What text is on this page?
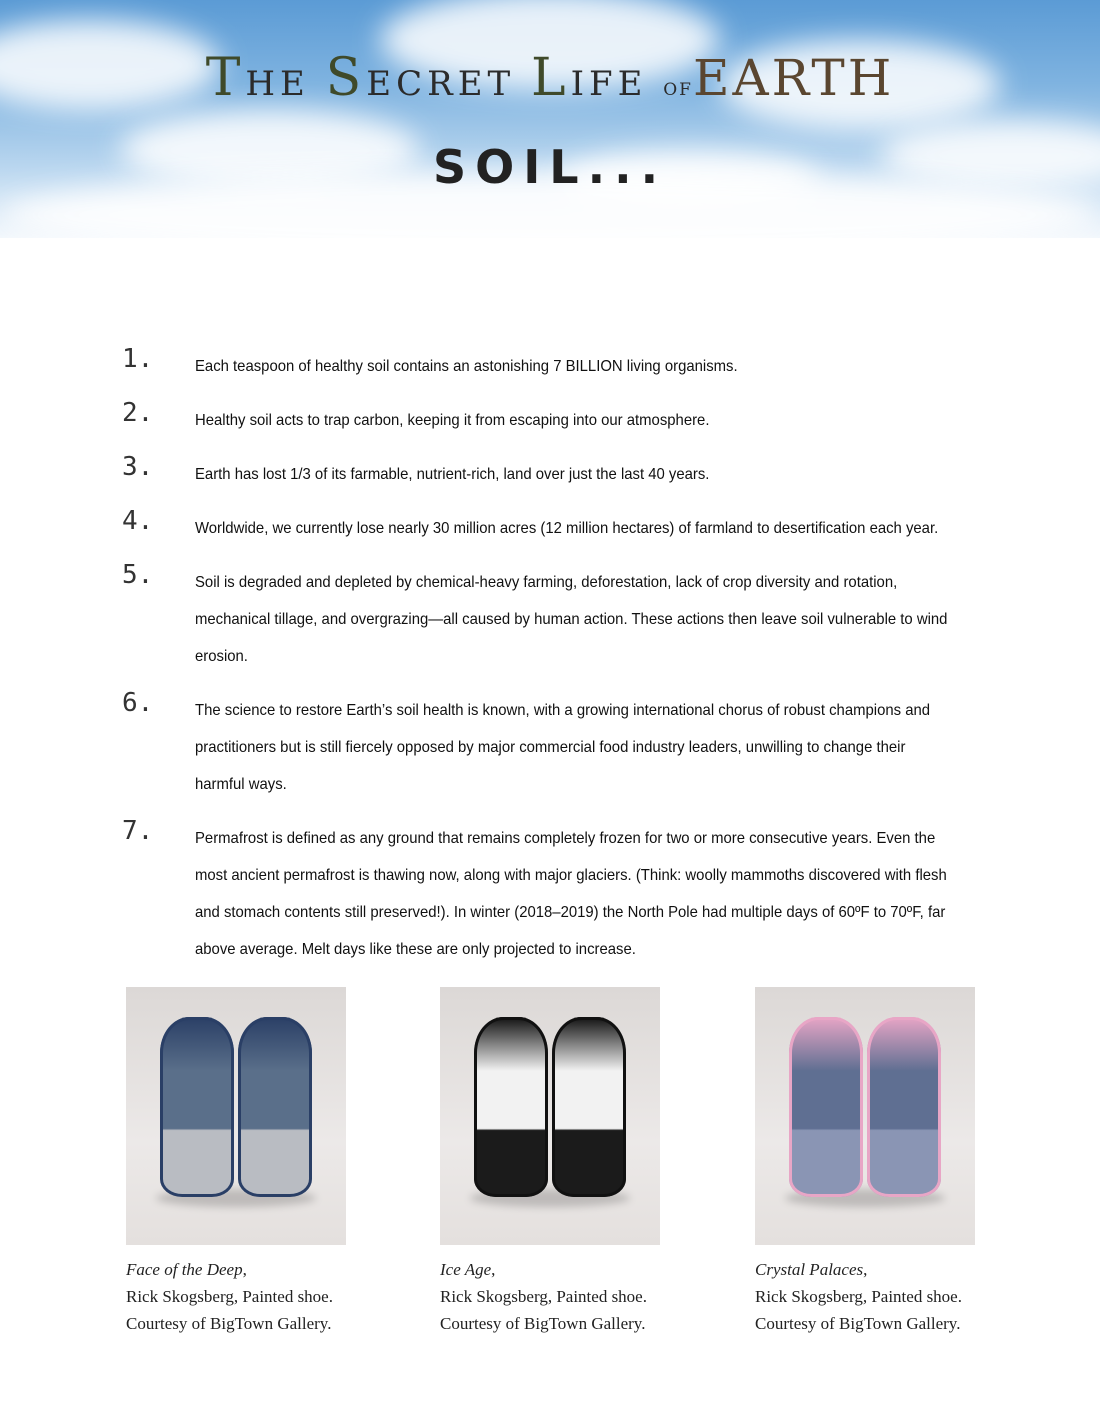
THE SECRET LIFE OFEARTH
SOIL...
1.	Each teaspoon of healthy soil contains an astonishing 7 BILLION living organisms.
2.	Healthy soil acts to trap carbon, keeping it from escaping into our atmosphere.
3.	Earth has lost 1/3 of its farmable, nutrient-rich, land over just the last 40 years.
4.	Worldwide, we currently lose nearly 30 million acres (12 million hectares) of farmland to desertification each year.
5.	Soil is degraded and depleted by chemical-heavy farming, deforestation, lack of crop diversity and rotation, mechanical tillage, and overgrazing—all caused by human action. These actions then leave soil vulnerable to wind erosion.
6.	The science to restore Earth’s soil health is known, with a growing international chorus of robust champions and practitioners but is still fiercely opposed by major commercial food industry leaders, unwilling to change their harmful ways.
7.	Permafrost is defined as any ground that remains completely frozen for two or more consecutive years. Even the most ancient permafrost is thawing now, along with major glaciers. (Think: woolly mammoths discovered with flesh and stomach contents still preserved!). In winter (2018–2019) the North Pole had multiple days of 60ºF to 70ºF, far above average. Melt days like these are only projected to increase.
Face of the Deep,
Rick Skogsberg, Painted shoe.
Courtesy of BigTown Gallery.
Ice Age,
Rick Skogsberg, Painted shoe.
Courtesy of BigTown Gallery.
Crystal Palaces,
Rick Skogsberg, Painted shoe.
Courtesy of BigTown Gallery.
